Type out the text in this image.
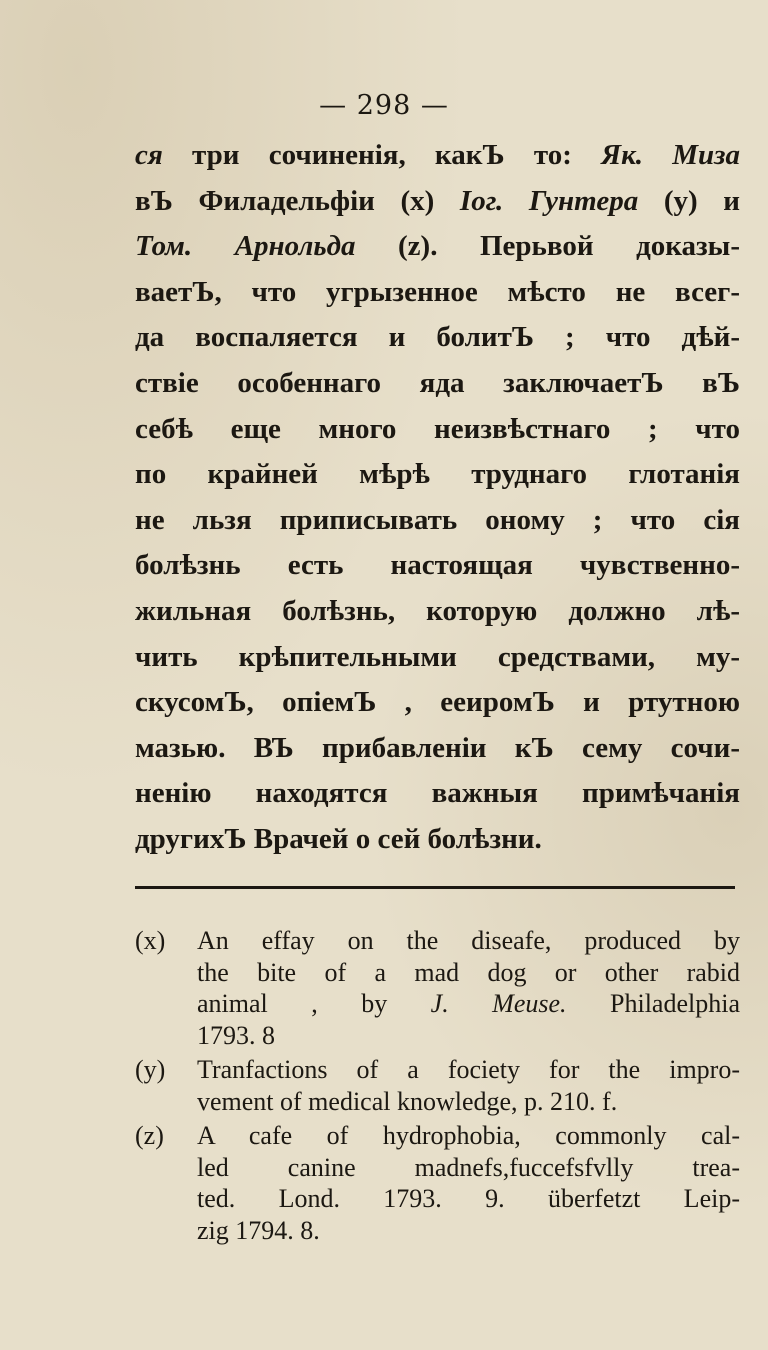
— 298 —
ся три сочиненія, какЪ то: Як. Миза
вЪ Филадельфіи (x) Іог. Гунтера (y) и
Том. Арнольда (z). Перьвой доказы-
ваетЪ, что угрызенное мѣсто не всег-
да воспаляется и болитЪ ; что дѣй-
ствіе особеннаго яда заключаетЪ вЪ
себѣ еще много неизвѣстнаго ; что
по крайней мѣрѣ труднаго глотанія
не льзя приписывать оному ; что сія
болѣзнь есть настоящая чувственно-
жильная болѣзнь, которую должно лѣ-
чить крѣпительными средствами, му-
скусомЪ, опіемЪ , ееиромЪ и ртутною
мазью. ВЪ прибавленіи кЪ сему сочи-
ненію находятся важныя примѣчанія
другихЪ Врачей о сей болѣзни.
(x) An effay on the diseafe, produced by
the bite of a mad dog or other rabid
animal , by J. Meuse. Philadelphia
1793. 8
(y) Tranfactions of a fociety for the impro-
vement of medical knowledge, p. 210. f.
(z) A cafe of hydrophobia, commonly cal-
led canine madnefs,fuccefsfvlly trea-
ted. Lond. 1793. 9. überfetzt Leip-
zig 1794. 8.
